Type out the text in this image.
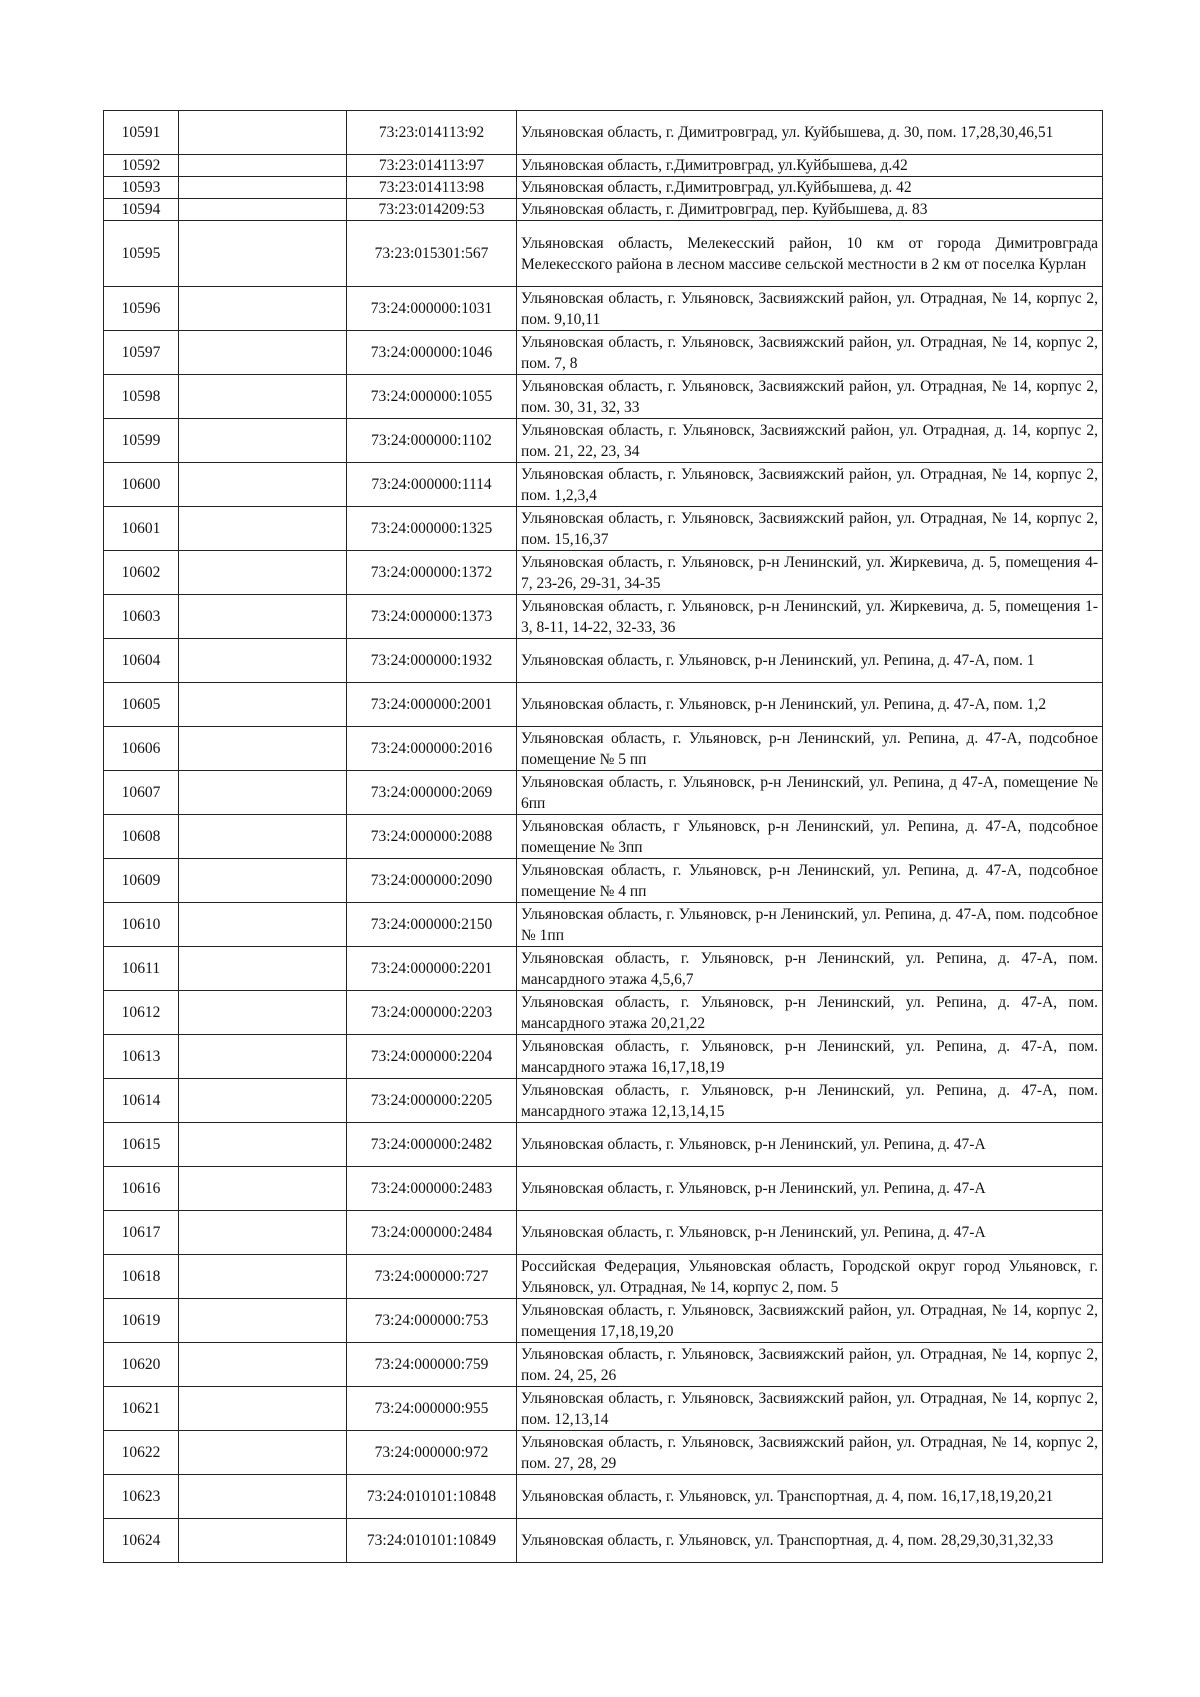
10591		73:23:014113:92	Ульяновская область, г. Димитровград, ул. Куйбышева, д. 30, пом. 17,28,30,46,51
10592		73:23:014113:97	Ульяновская область, г.Димитровград, ул.Куйбышева, д.42
10593		73:23:014113:98	Ульяновская область, г.Димитровград, ул.Куйбышева, д. 42
10594		73:23:014209:53	Ульяновская область, г. Димитровград, пер. Куйбышева, д. 83
10595		73:23:015301:567	Ульяновская область, Мелекесский район, 10 км от города Димитровграда Мелекесского района в лесном массиве сельской местности в 2 км от поселка Курлан
10596		73:24:000000:1031	Ульяновская область, г. Ульяновск, Засвияжский район, ул. Отрадная, № 14, корпус 2, пом. 9,10,11
10597		73:24:000000:1046	Ульяновская область, г. Ульяновск, Засвияжский район, ул. Отрадная, № 14, корпус 2, пом. 7, 8
10598		73:24:000000:1055	Ульяновская область, г. Ульяновск, Засвияжский район, ул. Отрадная, № 14, корпус 2, пом. 30, 31, 32, 33
10599		73:24:000000:1102	Ульяновская область, г. Ульяновск, Засвияжский район, ул. Отрадная, д. 14, корпус 2, пом. 21, 22, 23, 34
10600		73:24:000000:1114	Ульяновская область, г. Ульяновск, Засвияжский район, ул. Отрадная, № 14, корпус 2, пом. 1,2,3,4
10601		73:24:000000:1325	Ульяновская область, г. Ульяновск, Засвияжский район, ул. Отрадная, № 14, корпус 2, пом. 15,16,37
10602		73:24:000000:1372	Ульяновская область, г. Ульяновск, р-н Ленинский, ул. Жиркевича, д. 5, помещения 4-7, 23-26, 29-31, 34-35
10603		73:24:000000:1373	Ульяновская область, г. Ульяновск, р-н Ленинский, ул. Жиркевича, д. 5, помещения 1-3, 8-11, 14-22, 32-33, 36
10604		73:24:000000:1932	Ульяновская область, г. Ульяновск, р-н Ленинский, ул. Репина, д. 47-А, пом. 1
10605		73:24:000000:2001	Ульяновская область, г. Ульяновск, р-н Ленинский, ул. Репина, д. 47-А, пом. 1,2
10606		73:24:000000:2016	Ульяновская область, г. Ульяновск, р-н Ленинский, ул. Репина, д. 47-А, подсобное помещение № 5 пп
10607		73:24:000000:2069	Ульяновская область, г. Ульяновск, р-н Ленинский, ул. Репина, д 47-А, помещение № 6пп
10608		73:24:000000:2088	Ульяновская область, г Ульяновск, р-н Ленинский, ул. Репина, д. 47-А, подсобное помещение № 3пп
10609		73:24:000000:2090	Ульяновская область, г. Ульяновск, р-н Ленинский, ул. Репина, д. 47-А, подсобное помещение № 4 пп
10610		73:24:000000:2150	Ульяновская область, г. Ульяновск, р-н Ленинский, ул. Репина, д. 47-А, пом. подсобное № 1пп
10611		73:24:000000:2201	Ульяновская область, г. Ульяновск, р-н Ленинский, ул. Репина, д. 47-А, пом. мансардного этажа 4,5,6,7
10612		73:24:000000:2203	Ульяновская область, г. Ульяновск, р-н Ленинский, ул. Репина, д. 47-А, пом. мансардного этажа 20,21,22
10613		73:24:000000:2204	Ульяновская область, г. Ульяновск, р-н Ленинский, ул. Репина, д. 47-А, пом. мансардного этажа 16,17,18,19
10614		73:24:000000:2205	Ульяновская область, г. Ульяновск, р-н Ленинский, ул. Репина, д. 47-А, пом. мансардного этажа 12,13,14,15
10615		73:24:000000:2482	Ульяновская область, г. Ульяновск, р-н Ленинский, ул. Репина, д. 47-А
10616		73:24:000000:2483	Ульяновская область, г. Ульяновск, р-н Ленинский, ул. Репина, д. 47-А
10617		73:24:000000:2484	Ульяновская область, г. Ульяновск, р-н Ленинский, ул. Репина, д. 47-А
10618		73:24:000000:727	Российская Федерация, Ульяновская область, Городской округ город Ульяновск, г. Ульяновск, ул. Отрадная, № 14, корпус 2, пом. 5
10619		73:24:000000:753	Ульяновская область, г. Ульяновск, Засвияжский район, ул. Отрадная, № 14, корпус 2, помещения 17,18,19,20
10620		73:24:000000:759	Ульяновская область, г. Ульяновск, Засвияжский район, ул. Отрадная, № 14, корпус 2, пом. 24, 25, 26
10621		73:24:000000:955	Ульяновская область, г. Ульяновск, Засвияжский район, ул. Отрадная, № 14, корпус 2, пом. 12,13,14
10622		73:24:000000:972	Ульяновская область, г. Ульяновск, Засвияжский район, ул. Отрадная, № 14, корпус 2, пом. 27, 28, 29
10623		73:24:010101:10848	Ульяновская область, г. Ульяновск, ул. Транспортная, д. 4, пом. 16,17,18,19,20,21
10624		73:24:010101:10849	Ульяновская область, г. Ульяновск, ул. Транспортная, д. 4, пом. 28,29,30,31,32,33
